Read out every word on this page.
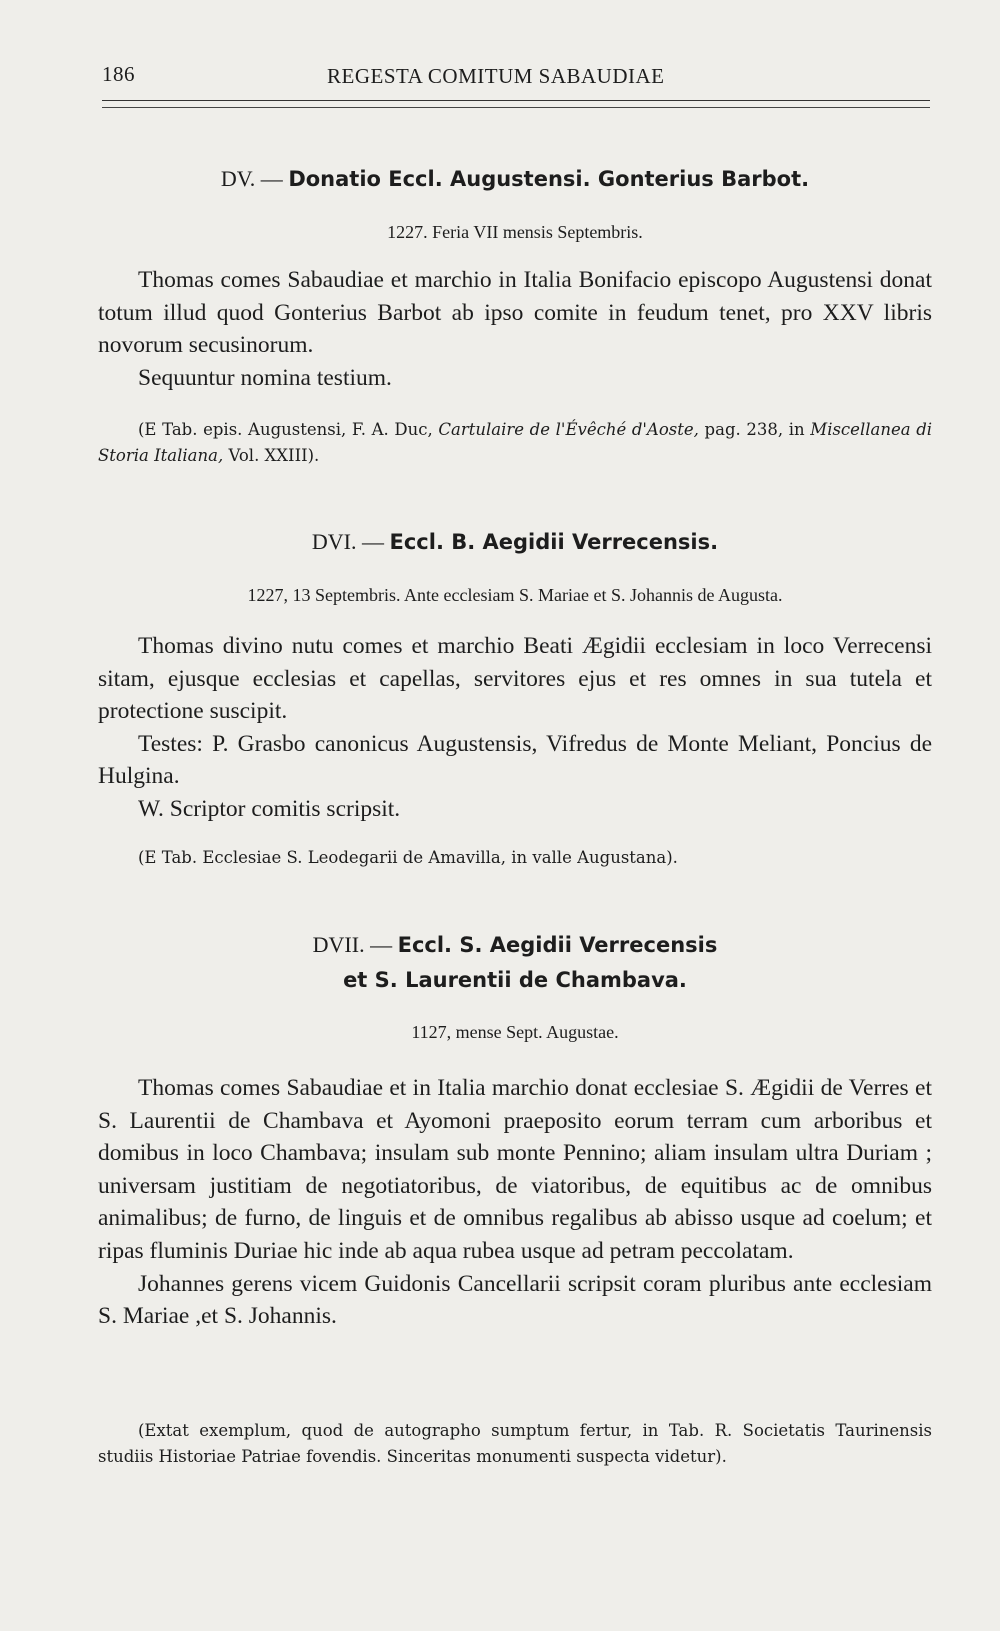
186	REGESTA COMITUM SABAUDIAE
DV. — Donatio Eccl. Augustensi. Gonterius Barbot.
1227. Feria VII mensis Septembris.

Thomas comes Sabaudiae et marchio in Italia Bonifacio episcopo Augustensi donat totum illud quod Gonterius Barbot ab ipso comite in feudum tenet, pro XXV libris novorum secusinorum.

Sequuntur nomina testium.

(E Tab. epis. Augustensi, F. A. Duc, Cartulaire de l'Évêché d'Aoste, pag. 238, in Miscellanea di Storia Italiana, Vol. XXIII).
DVI. — Eccl. B. Aegidii Verrecensis.
1227, 13 Septembris. Ante ecclesiam S. Mariae et S. Johannis de Augusta.

Thomas divino nutu comes et marchio Beati Ægidii ecclesiam in loco Verrecensi sitam, ejusque ecclesias et capellas, servitores ejus et res omnes in sua tutela et protectione suscipit.

Testes: P. Grasbo canonicus Augustensis, Vifredus de Monte Meliant, Poncius de Hulgina.

W. Scriptor comitis scripsit.

(E Tab. Ecclesiae S. Leodegarii de Amavilla, in valle Augustana).
DVII. — Eccl. S. Aegidii Verrecensis
et S. Laurentii de Chambava.
1127, mense Sept. Augustae.

Thomas comes Sabaudiae et in Italia marchio donat ecclesiae S. Ægidii de Verres et S. Laurentii de Chambava et Ayomoni praeposito eorum terram cum arboribus et domibus in loco Chambava; insulam sub monte Pennino; aliam insulam ultra Duriam ; universam justitiam de negotiatoribus, de viatoribus, de equitibus ac de omnibus animalibus; de furno, de linguis et de omnibus regalibus ab abisso usque ad coelum; et ripas fluminis Duriae hic inde ab aqua rubea usque ad petram peccolatam.

Johannes gerens vicem Guidonis Cancellarii scripsit coram pluribus ante ecclesiam S. Mariae ,et S. Johannis.

(Extat exemplum, quod de autographo sumptum fertur, in Tab. R. Societatis Taurinensis studiis Historiae Patriae fovendis. Sinceritas monumenti suspecta videtur).
